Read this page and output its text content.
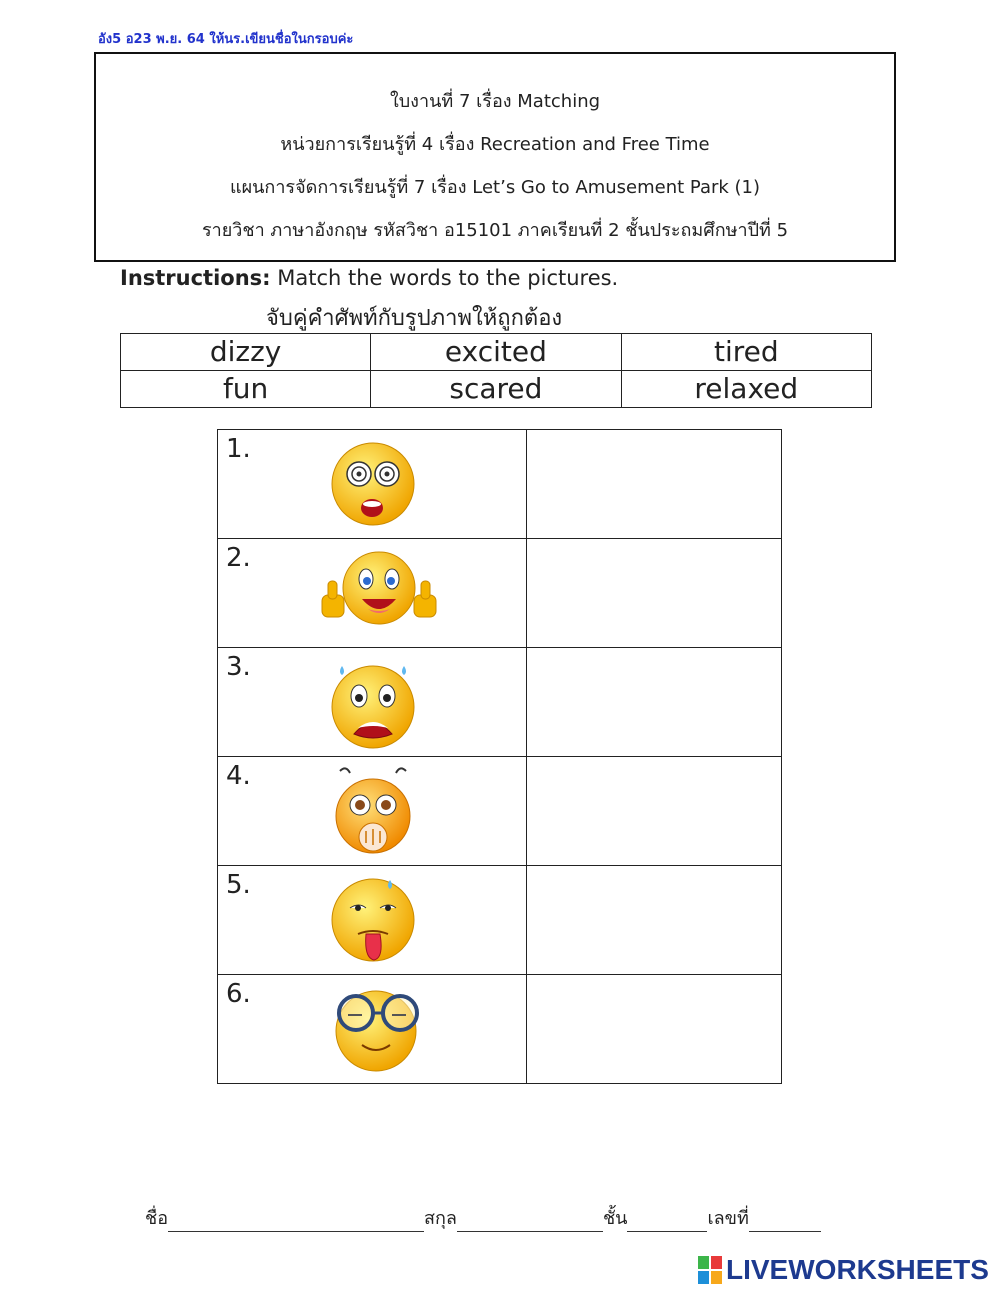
อัง5 อ23 พ.ย. 64 ให้นร.เขียนชื่อในกรอบค่ะ
ใบงานที่ 7 เรื่อง Matching
หน่วยการเรียนรู้ที่ 4 เรื่อง Recreation and Free Time
แผนการจัดการเรียนรู้ที่ 7 เรื่อง Let’s Go to Amusement Park (1)
รายวิชา ภาษาอังกฤษ รหัสวิชา อ15101 ภาคเรียนที่ 2 ชั้นประถมศึกษาปีที่ 5
Instructions: Match the words to the pictures.
จับคู่คำศัพท์กับรูปภาพให้ถูกต้อง
dizzy	excited	tired
fun	scared	relaxed
1.	

2.	

3.	

4.	

5.	

6.	

ชื่อ	สกุล	ชั้น	เลขที่
LIVEWORKSHEETS
